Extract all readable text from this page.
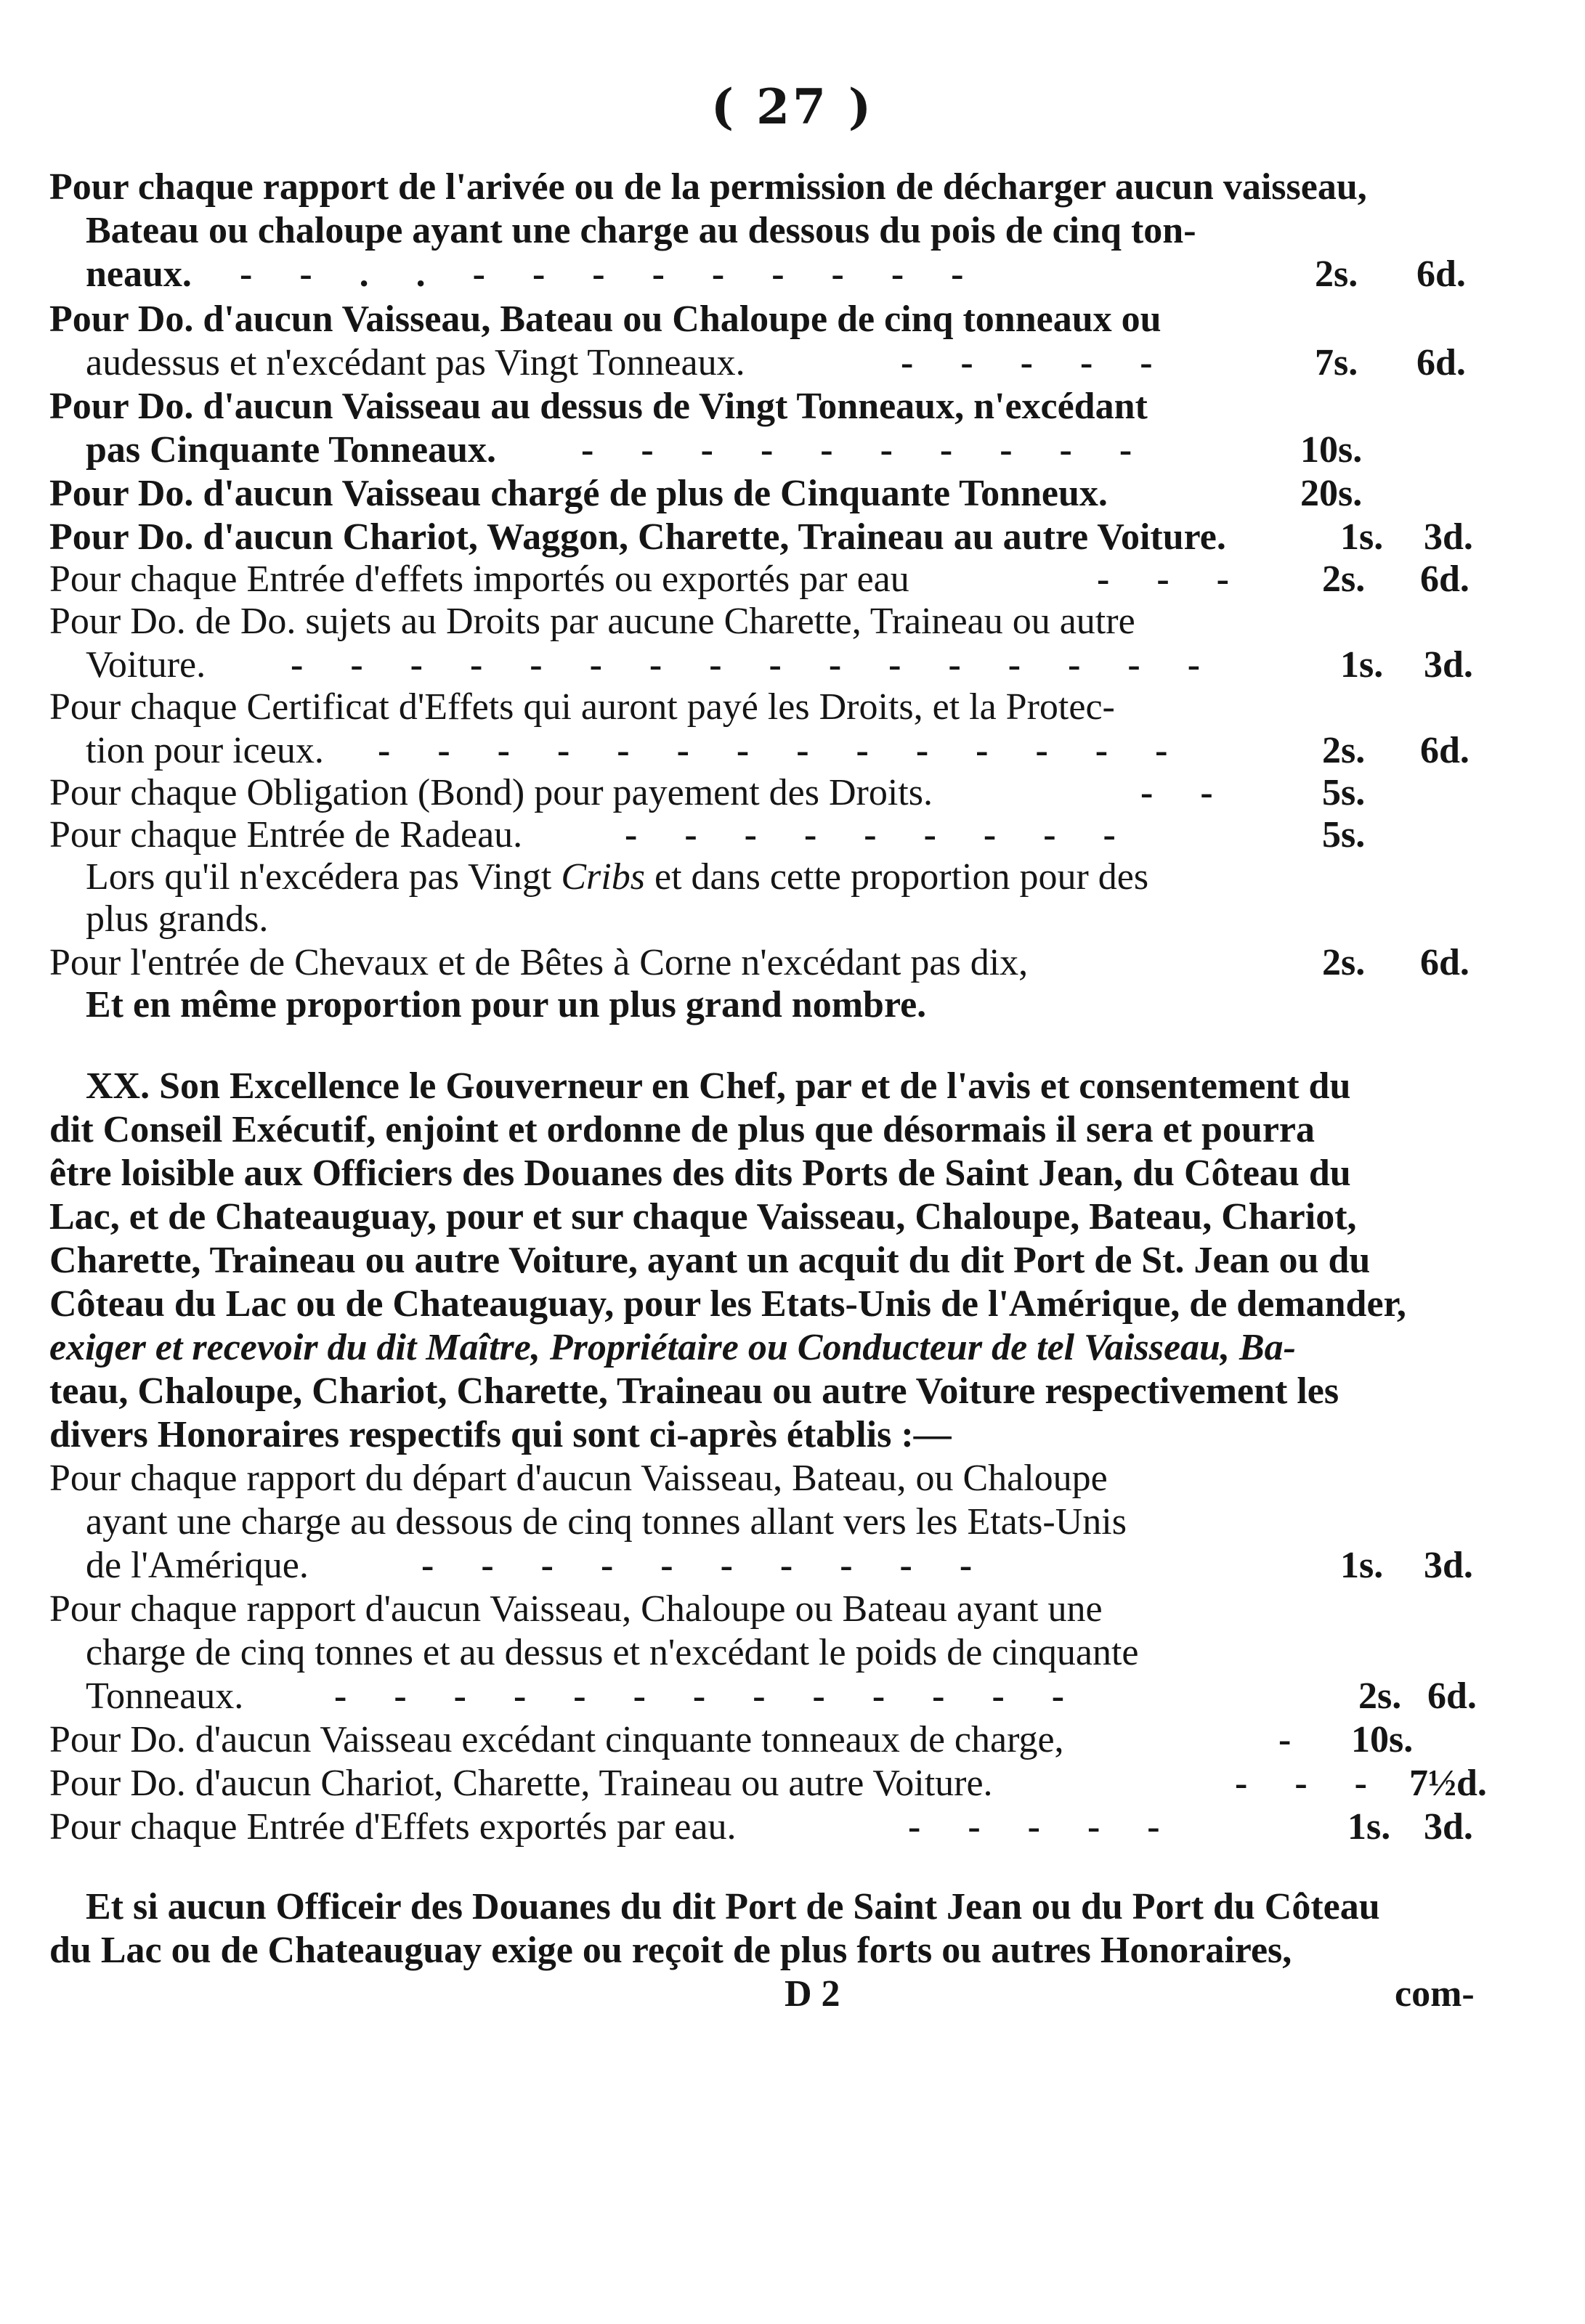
( 27 )
Pour chaque rapport de l'arivée ou de la permission de décharger aucun vaisseau,
Bateau ou chaloupe ayant une charge au dessous du pois de cinq ton-
neaux. - - . . - - - - - - - - -	2s. 6d.
Pour Do. d'aucun Vaisseau, Bateau ou Chaloupe de cinq tonneaux ou
audessus et n'excédant pas Vingt Tonneaux.	- - - - -	7s. 6d.
Pour Do. d'aucun Vaisseau au dessus de Vingt Tonneaux, n'excédant
pas Cinquante Tonneaux. - - - - - - - - - -	10s.
Pour Do. d'aucun Vaisseau chargé de plus de Cinquante Tonneux.	20s.
Pour Do. d'aucun Chariot, Waggon, Charette, Traineau au autre Voiture.	1s. 3d.
Pour chaque Entrée d'effets importés ou exportés par eau	- - - 2s. 6d.
Pour Do. de Do. sujets au Droits par aucune Charette, Traineau ou autre
Voiture. - - - - - - - - - - - - - - - -	1s. 3d.
Pour chaque Certificat d'Effets qui auront payé les Droits, et la Protec-
tion pour iceux. - - - - - - - - - - - - - -	2s. 6d.
Pour chaque Obligation (Bond) pour payement des Droits.	- - 5s.
Pour chaque Entrée de Radeau.	- - - - - - - - -	5s.
Lors qu'il n'excédera pas Vingt Cribs et dans cette proportion pour des
plus grands.
Pour l'entrée de Chevaux et de Bêtes à Corne n'excédant pas dix,	2s. 6d.
Et en même proportion pour un plus grand nombre.
XX. Son Excellence le Gouverneur en Chef, par et de l'avis et consentement du
dit Conseil Exécutif, enjoint et ordonne de plus que désormais il sera et pourra
être loisible aux Officiers des Douanes des dits Ports de Saint Jean, du Côteau du
Lac, et de Chateauguay, pour et sur chaque Vaisseau, Chaloupe, Bateau, Chariot,
Charette, Traineau ou autre Voiture, ayant un acquit du dit Port de St. Jean ou du
Côteau du Lac ou de Chateauguay, pour les Etats-Unis de l'Amérique, de demander,
exiger et recevoir du dit Maître, Propriétaire ou Conducteur de tel Vaisseau, Ba-
teau, Chaloupe, Chariot, Charette, Traineau ou autre Voiture respectivement les
divers Honoraires respectifs qui sont ci-après établis :—
Pour chaque rapport du départ d'aucun Vaisseau, Bateau, ou Chaloupe
ayant une charge au dessous de cinq tonnes allant vers les Etats-Unis
de l'Amérique.	- - - - - - - - - -	1s. 3d.
Pour chaque rapport d'aucun Vaisseau, Chaloupe ou Bateau ayant une
charge de cinq tonnes et au dessus et n'excédant le poids de cinquante
Tonneaux. - - - - - - - - - - - - -	2s. 6d.
Pour Do. d'aucun Vaisseau excédant cinquante tonneaux de charge,	- 10s.
Pour Do. d'aucun Chariot, Charette, Traineau ou autre Voiture.	- - - 7½d.
Pour chaque Entrée d'Effets exportés par eau.	- - - - -	1s. 3d.
Et si aucun Officeir des Douanes du dit Port de Saint Jean ou du Port du Côteau
du Lac ou de Chateauguay exige ou reçoit de plus forts ou autres Honoraires,
D 2	com-
